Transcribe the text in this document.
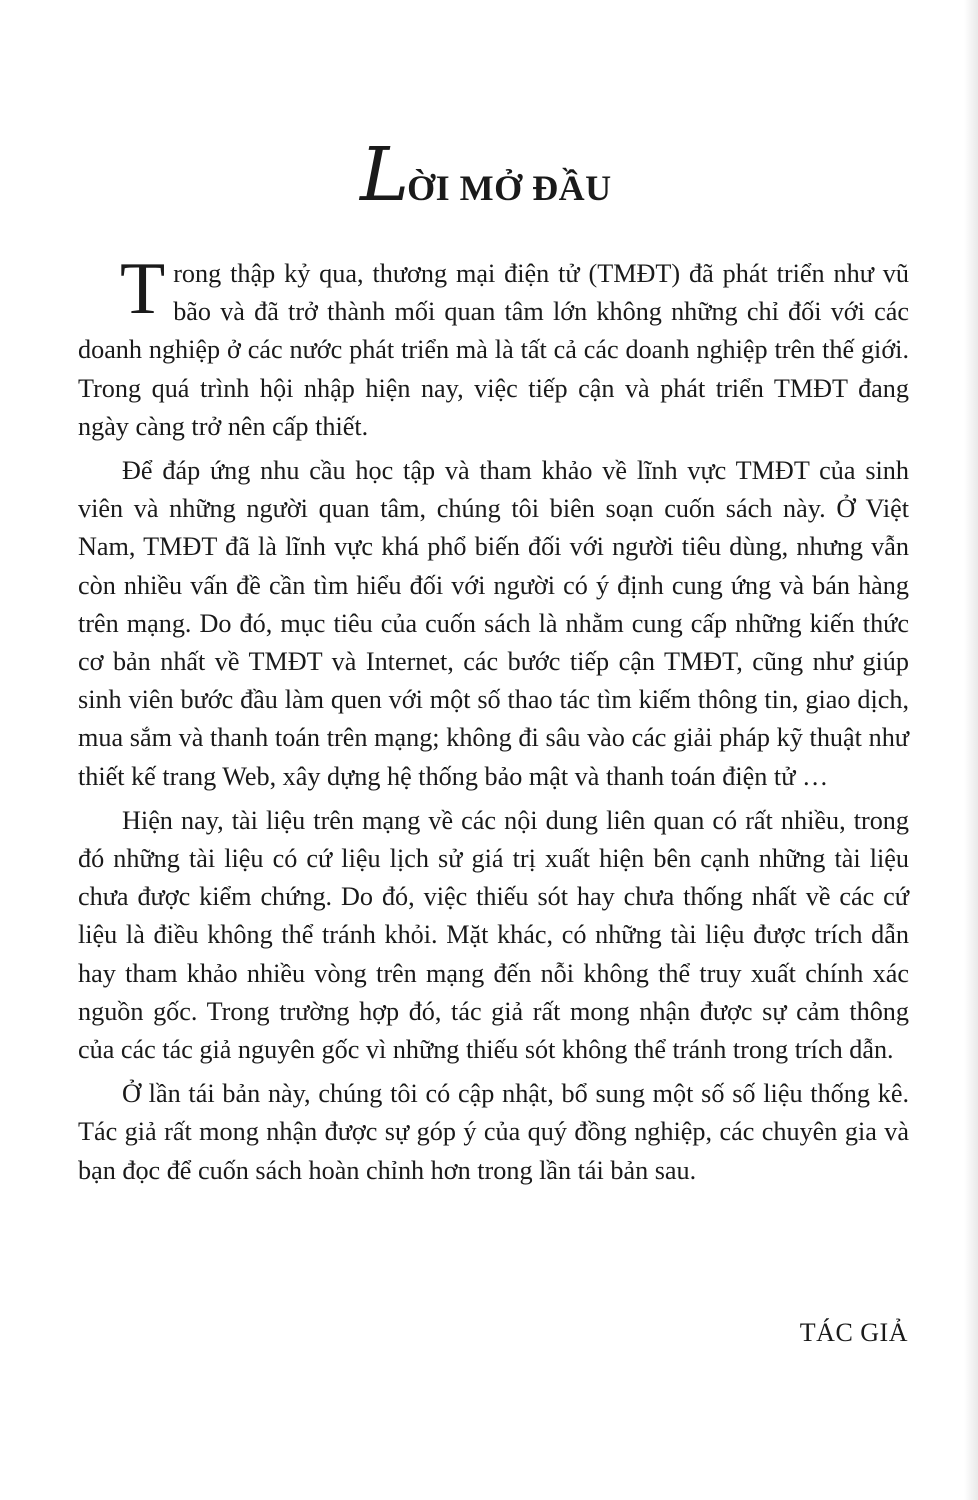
LỜI MỞ ĐẦU

Trong thập kỷ qua, thương mại điện tử (TMĐT) đã phát triển như vũ bão và đã trở thành mối quan tâm lớn không những chỉ đối với các doanh nghiệp ở các nước phát triển mà là tất cả các doanh nghiệp trên thế giới. Trong quá trình hội nhập hiện nay, việc tiếp cận và phát triển TMĐT đang ngày càng trở nên cấp thiết.

Để đáp ứng nhu cầu học tập và tham khảo về lĩnh vực TMĐT của sinh viên và những người quan tâm, chúng tôi biên soạn cuốn sách này. Ở Việt Nam, TMĐT đã là lĩnh vực khá phổ biến đối với người tiêu dùng, nhưng vẫn còn nhiều vấn đề cần tìm hiểu đối với người có ý định cung ứng và bán hàng trên mạng. Do đó, mục tiêu của cuốn sách là nhằm cung cấp những kiến thức cơ bản nhất về TMĐT và Internet, các bước tiếp cận TMĐT, cũng như giúp sinh viên bước đầu làm quen với một số thao tác tìm kiếm thông tin, giao dịch, mua sắm và thanh toán trên mạng; không đi sâu vào các giải pháp kỹ thuật như thiết kế trang Web, xây dựng hệ thống bảo mật và thanh toán điện tử …

Hiện nay, tài liệu trên mạng về các nội dung liên quan có rất nhiều, trong đó những tài liệu có cứ liệu lịch sử giá trị xuất hiện bên cạnh những tài liệu chưa được kiểm chứng. Do đó, việc thiếu sót hay chưa thống nhất về các cứ liệu là điều không thể tránh khỏi. Mặt khác, có những tài liệu được trích dẫn hay tham khảo nhiều vòng trên mạng đến nỗi không thể truy xuất chính xác nguồn gốc. Trong trường hợp đó, tác giả rất mong nhận được sự cảm thông của các tác giả nguyên gốc vì những thiếu sót không thể tránh trong trích dẫn.

Ở lần tái bản này, chúng tôi có cập nhật, bổ sung một số số liệu thống kê. Tác giả rất mong nhận được sự góp ý của quý đồng nghiệp, các chuyên gia và bạn đọc để cuốn sách hoàn chỉnh hơn trong lần tái bản sau.

TÁC GIẢ
